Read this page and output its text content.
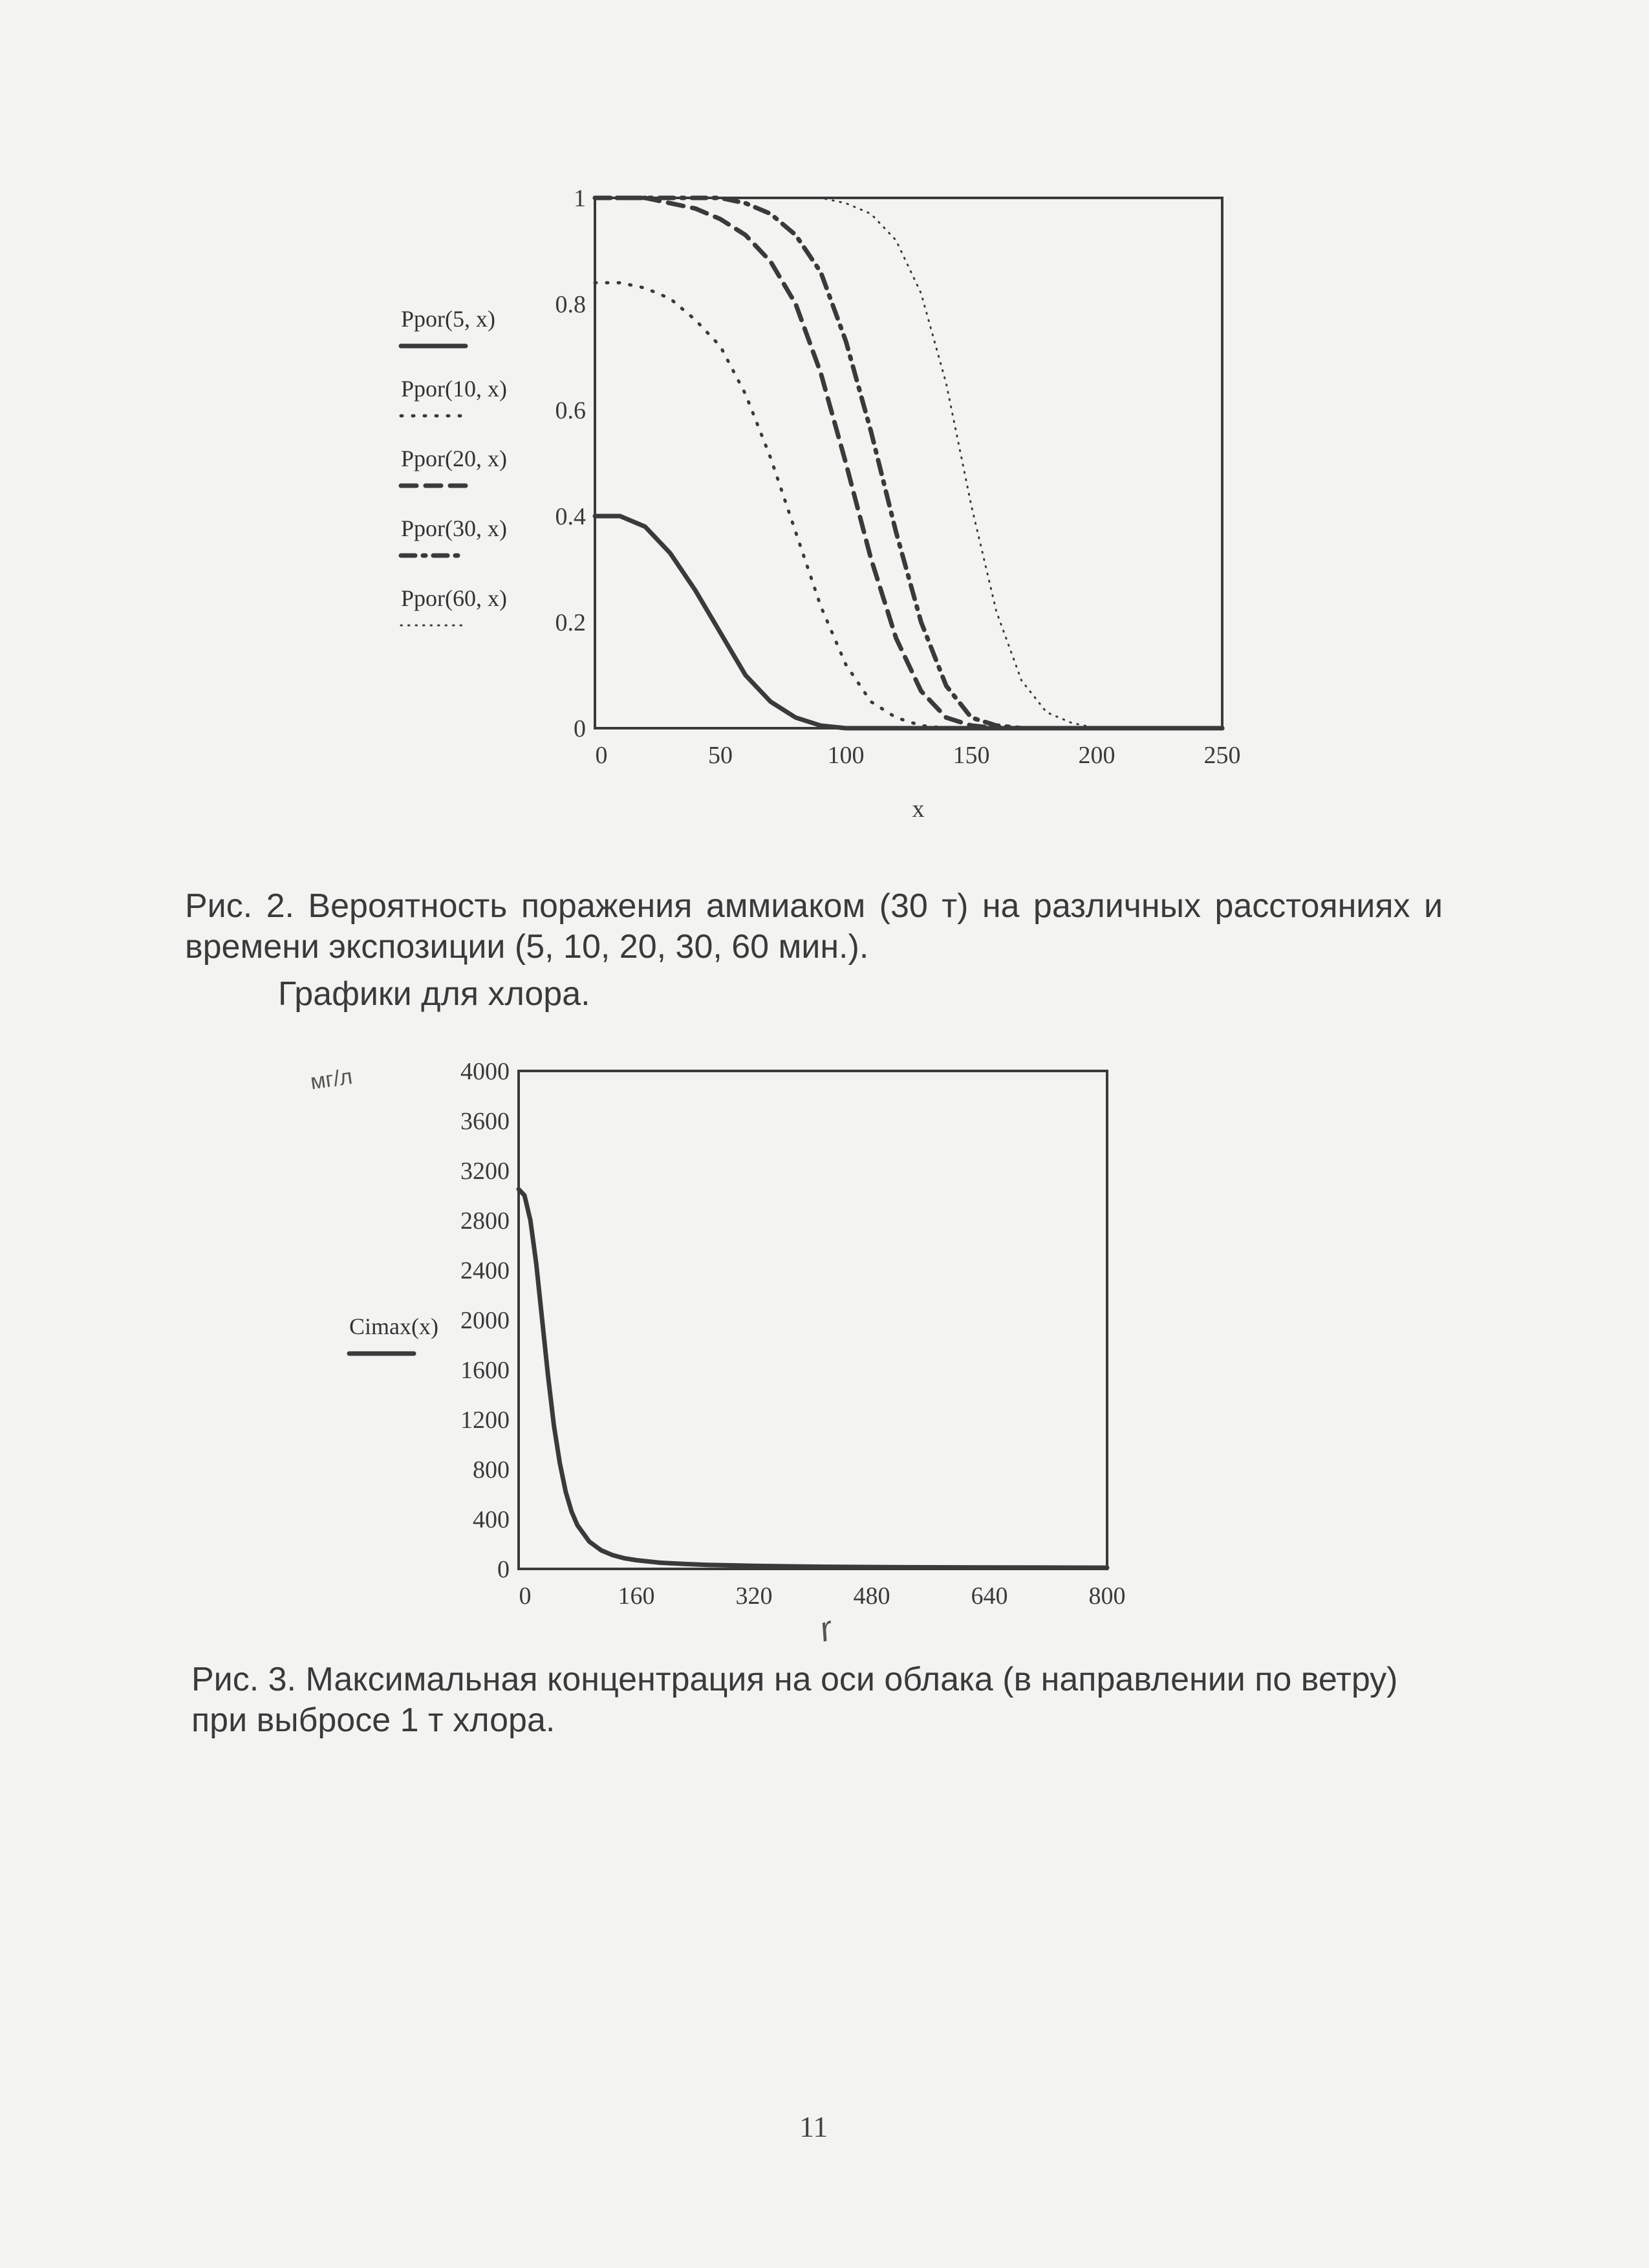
1
0.8
0.6
0.4
0.2
0
0	50	100	150	200	250
x
Ppor(5, x)
Ppor(10, x)
Ppor(20, x)
Ppor(30, x)
Ppor(60, x)
4000
3600
3200
2800
2400
2000
1600
1200
800
400
0
0	160	320	480	640	800
Cimax(x)

Рис. 2. Вероятность поражения аммиаком (30 т) на различных расстояниях и времени экспозиции (5, 10, 20, 30, 60 мин.).

Графики для хлора.

Рис. 3. Максимальная концентрация на оси облака (в направлении по ветру) при выбросе 1 т хлора.

мг/л
r
11
